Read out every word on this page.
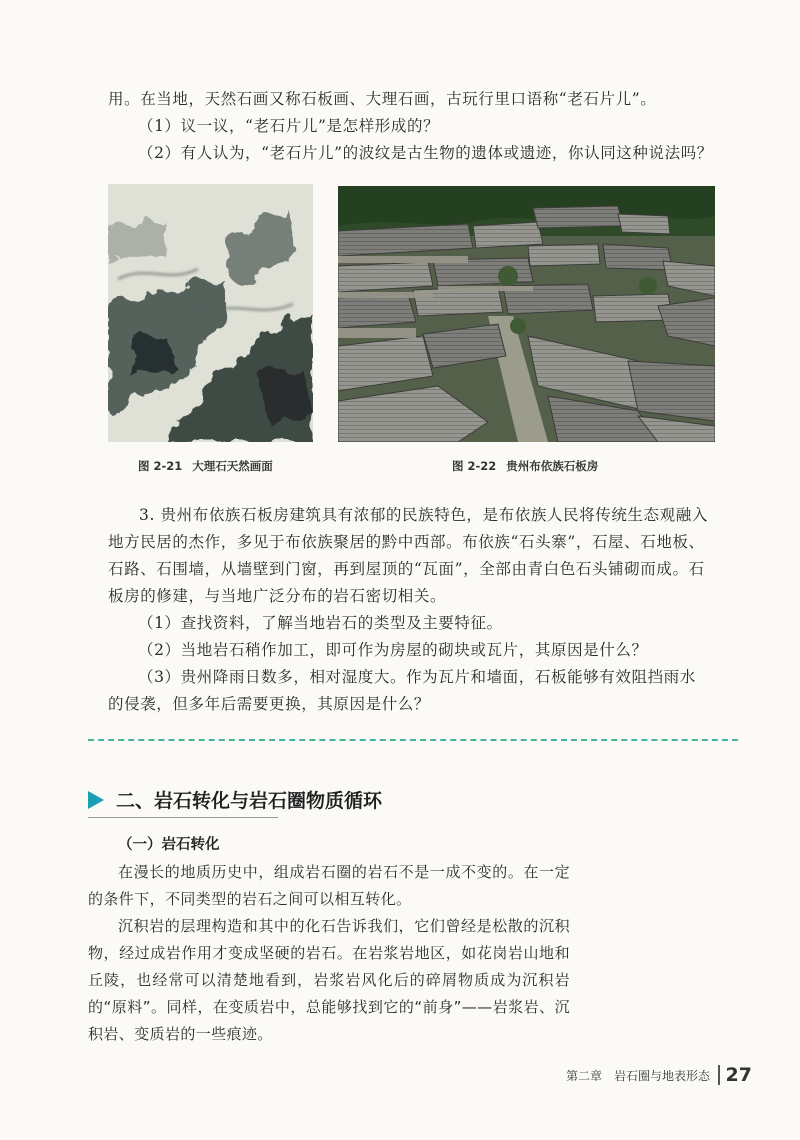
用。在当地，天然石画又称石板画、大理石画，古玩行里口语称“老石片儿”。

（1）议一议，“老石片儿”是怎样形成的？

（2）有人认为，“老石片儿”的波纹是古生物的遗体或遗迹，你认同这种说法吗？

图 2-21 大理石天然画面	图 2-22 贵州布依族石板房

3. 贵州布依族石板房建筑具有浓郁的民族特色，是布依族人民将传统生态观融入地方民居的杰作，多见于布依族聚居的黔中西部。布依族“石头寨”，石屋、石地板、石路、石围墙，从墙壁到门窗，再到屋顶的“瓦面”，全部由青白色石头铺砌而成。石板房的修建，与当地广泛分布的岩石密切相关。

（1）查找资料，了解当地岩石的类型及主要特征。

（2）当地岩石稍作加工，即可作为房屋的砌块或瓦片，其原因是什么？

（3）贵州降雨日数多，相对湿度大。作为瓦片和墙面，石板能够有效阻挡雨水的侵袭，但多年后需要更换，其原因是什么？

二、岩石转化与岩石圈物质循环
（一）岩石转化

在漫长的地质历史中，组成岩石圈的岩石不是一成不变的。在一定的条件下，不同类型的岩石之间可以相互转化。

沉积岩的层理构造和其中的化石告诉我们，它们曾经是松散的沉积物，经过成岩作用才变成坚硬的岩石。在岩浆岩地区，如花岗岩山地和丘陵，也经常可以清楚地看到，岩浆岩风化后的碎屑物质成为沉积岩的“原料”。同样，在变质岩中，总能够找到它的“前身”——岩浆岩、沉积岩、变质岩的一些痕迹。

第二章　岩石圈与地表形态 27
